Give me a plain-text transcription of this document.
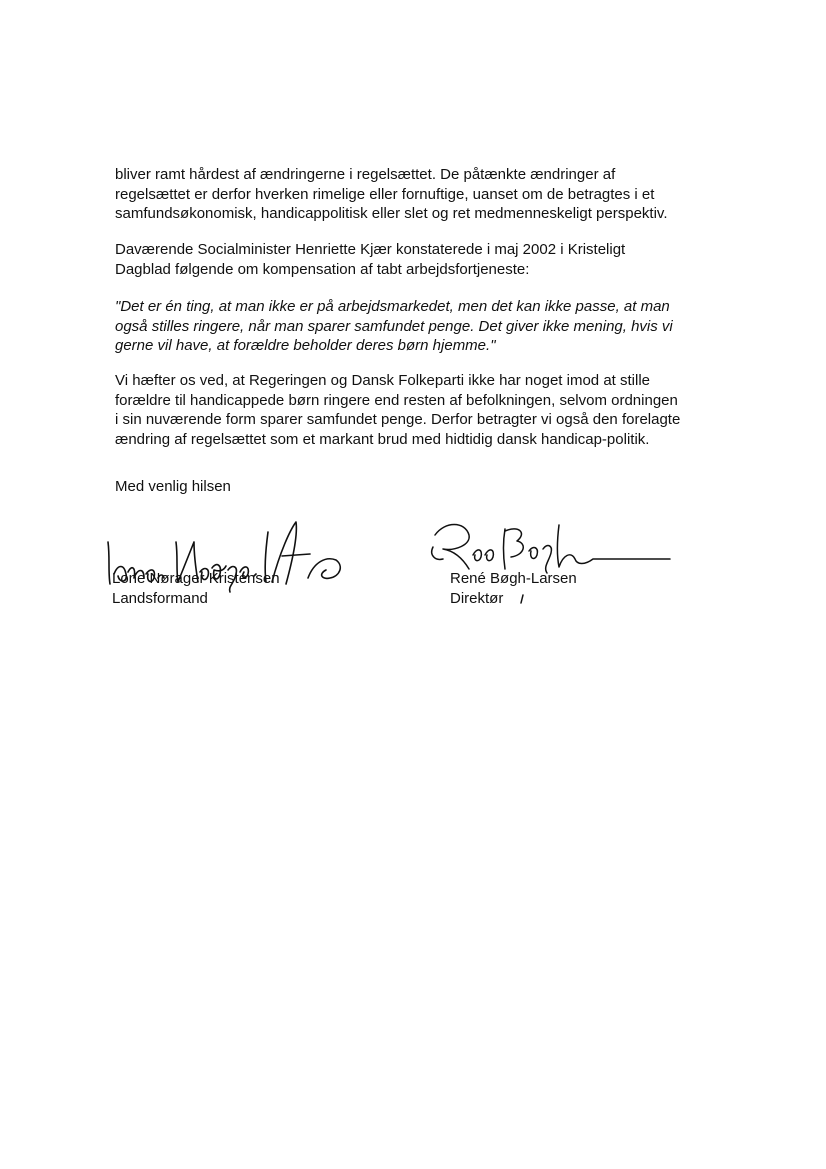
bliver ramt hårdest af ændringerne i regelsættet. De påtænkte ændringer af
regelsættet er derfor hverken rimelige eller fornuftige, uanset om de betragtes i et
samfundsøkonomisk, handicappolitisk eller slet og ret medmenneskeligt perspektiv.

Daværende Socialminister Henriette Kjær konstaterede i maj 2002 i Kristeligt
Dagblad følgende om kompensation af tabt arbejdsfortjeneste:

"Det er én ting, at man ikke er på arbejdsmarkedet, men det kan ikke passe, at man
også stilles ringere, når man sparer samfundet penge. Det giver ikke mening, hvis vi
gerne vil have, at forældre beholder deres børn hjemme."

Vi hæfter os ved, at Regeringen og Dansk Folkeparti ikke har noget imod at stille
forældre til handicappede børn ringere end resten af befolkningen, selvom ordningen
i sin nuværende form sparer samfundet penge. Derfor betragter vi også den forelagte
ændring af regelsættet som et markant brud med hidtidig dansk handicap-politik.

Med venlig hilsen
Lone Nørager Kristensen
Landsformand
René Bøgh-Larsen
Direktør
